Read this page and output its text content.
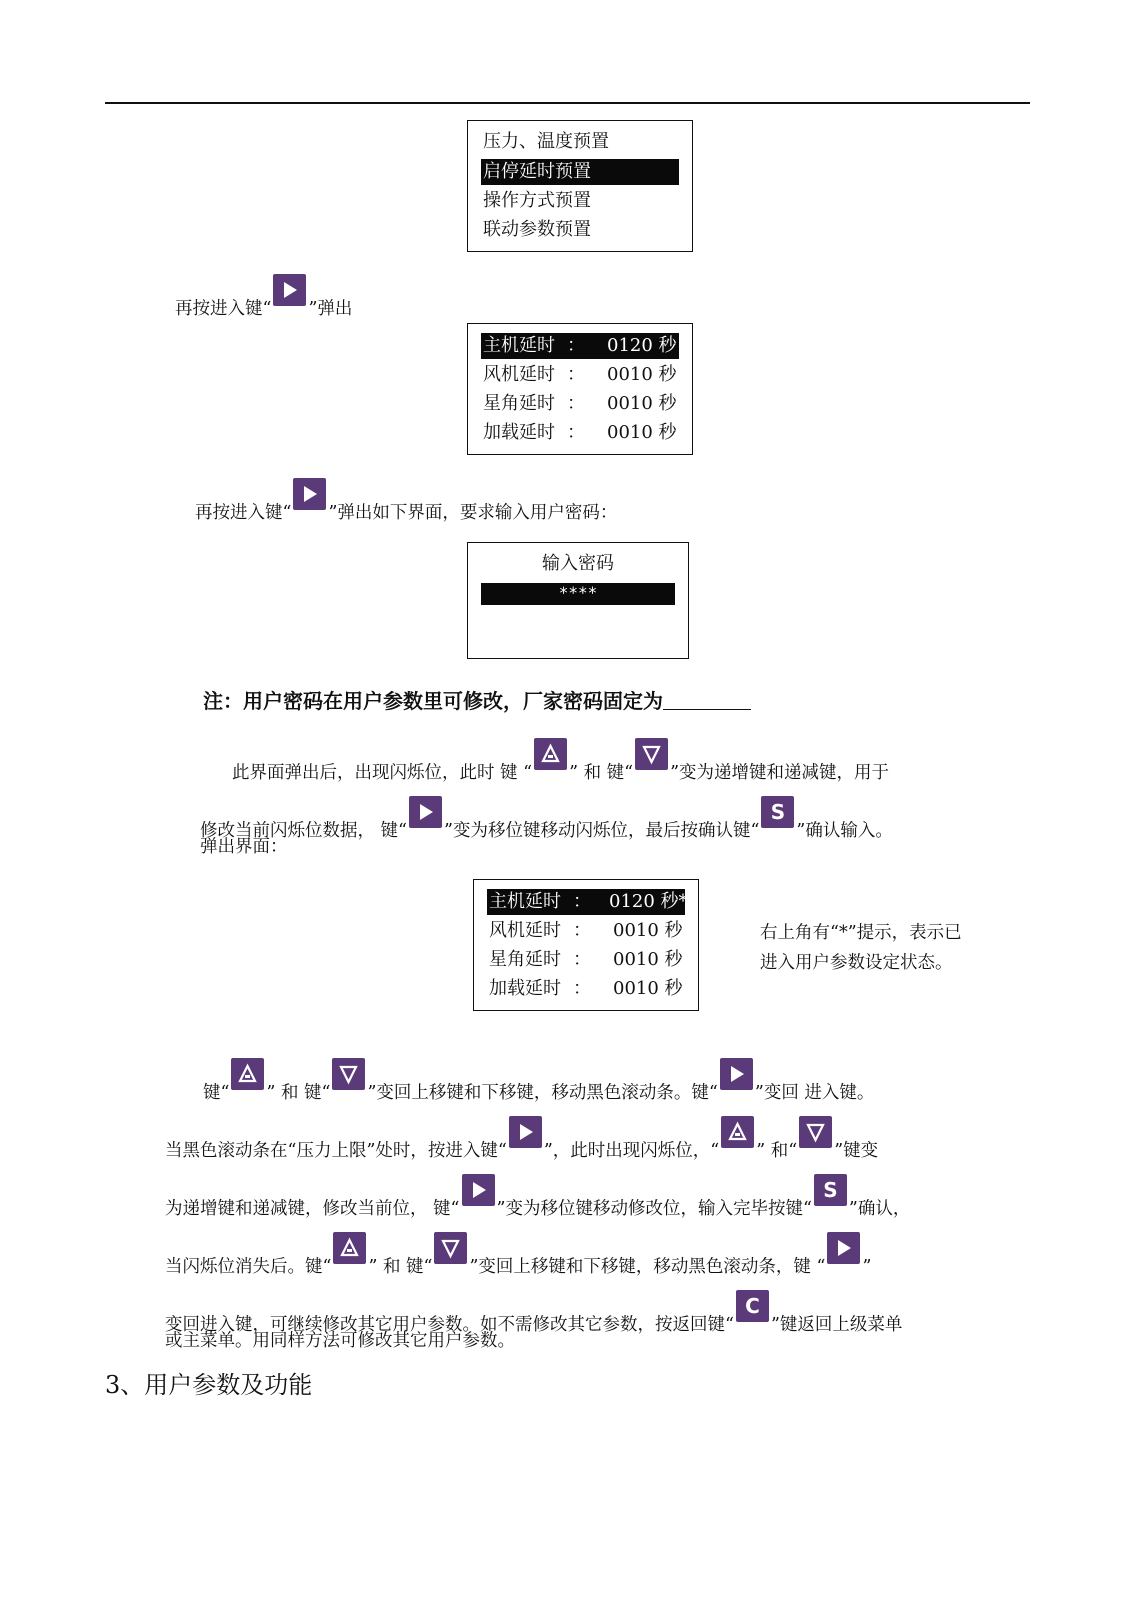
压力、温度预置
启停延时预置
操作方式预置
联动参数预置
再按进入键“ ”弹出
主机延时 ： 0120 秒
风机延时 ： 0010 秒
星角延时 ： 0010 秒
加载延时 ： 0010 秒
再按进入键“ ”弹出如下界面，要求输入用户密码：
输入密码
****
注：用户密码在用户参数里可修改，厂家密码固定为
此界面弹出后，出现闪烁位，此时 键 “ ” 和 键“ ”变为递增键和递减键，用于
修改当前闪烁位数据， 键“ ”变为移位键移动闪烁位，最后按确认键“
S
”确认输入。
弹出界面：
主机延时 ： 0120 秒*
风机延时 ： 0010 秒
星角延时 ： 0010 秒
加载延时 ： 0010 秒
右上角有“*”提示，表示已
进入用户参数设定状态。
键“ ” 和 键“ ”变回上移键和下移键，移动黑色滚动条。键“ ”变回 进入键。
当黑色滚动条在“压力上限”处时，按进入键“ ”，此时出现闪烁位，“ ” 和“ ”键变
为递增键和递减键，修改当前位， 键“ ”变为移位键移动修改位，输入完毕按键“
S
”确认，
当闪烁位消失后。键“ ” 和 键“ ”变回上移键和下移键，移动黑色滚动条，键 “ ”
变回进入键，可继续修改其它用户参数。如不需修改其它参数，按返回键“
C
”键返回上级菜单
或主菜单。用同样方法可修改其它用户参数。
3、用户参数及功能
